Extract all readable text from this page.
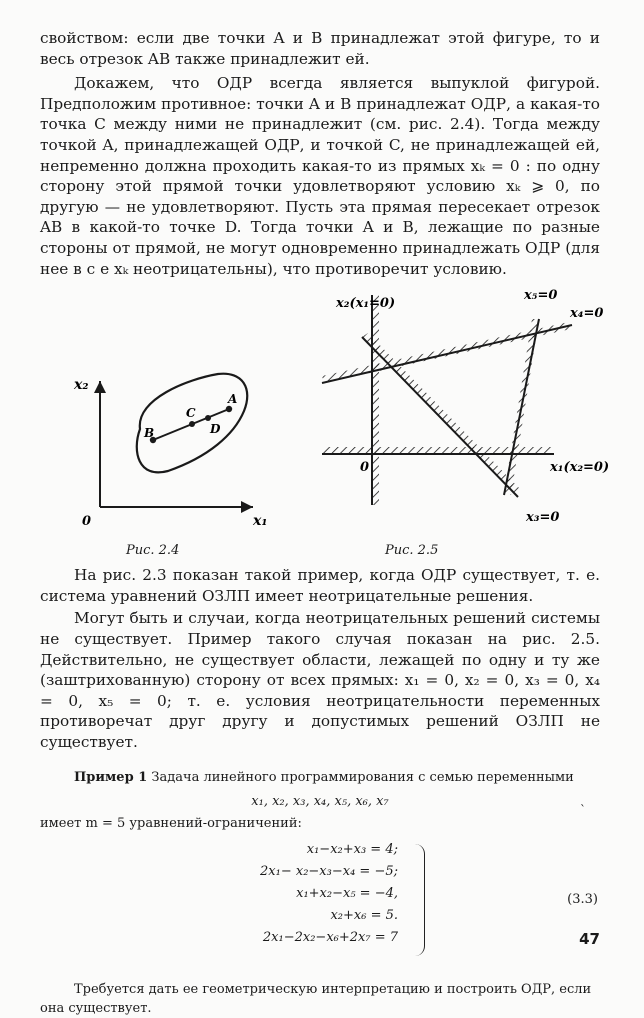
свойством: если две точки A и B принадлежат этой фигуре, то и весь отрезок AB также принадлежит ей.

Докажем, что ОДР всегда является выпуклой фигурой. Предположим противное: точки A и B принадлежат ОДР, а какая-то точка C между ними не принадлежит (см. рис. 2.4). Тогда между точкой A, принадлежащей ОДР, и точкой C, не принадлежащей ей, непременно должна проходить какая-то из прямых xₖ = 0 : по одну сторону этой прямой точки удовлетворяют условию xₖ ⩾ 0, по другую — не удовлетворяют. Пусть эта прямая пересекает отрезок AB в какой-то точке D. Тогда точки A и B, лежащие по разные стороны от прямой, не могут одновременно принадлежать ОДР (для нее в с е xₖ неотрицательны), что противоречит условию.

B
C
D
A
x₂
x₁
0
Рис. 2.4
x₂(x₁=0)
x₅=0
x₄=0
x₁(x₂=0)
x₃=0
0
Рис. 2.5

На рис. 2.3 показан такой пример, когда ОДР существует, т. е. система уравнений ОЗЛП имеет неотрицательные решения.

Могут быть и случаи, когда неотрицательных решений системы не существует. Пример такого случая показан на рис. 2.5. Действительно, не существует области, лежащей по одну и ту же (заштрихованную) сторону от всех прямых: x₁ = 0, x₂ = 0, x₃ = 0, x₄ = 0, x₅ = 0; т. е. условия неотрицательности переменных противоречат друг другу и допустимых решений ОЗЛП не существует.

Пример 1 Задача линейного программирования с семью переменными
x₁, x₂, x₃, x₄, x₅, x₆, x₇
имеет m = 5 уравнений-ограничений:
x₁−x₂+x₃ = 4;
2x₁− x₂−x₃−x₄ = −5;
x₁+x₂−x₅ = −4,
x₂+x₆ = 5.
2x₁−2x₂−x₆+2x₇ = 7
(3.3)
Требуется дать ее геометрическую интерпретацию и построить ОДР, если она существует.
`
47
